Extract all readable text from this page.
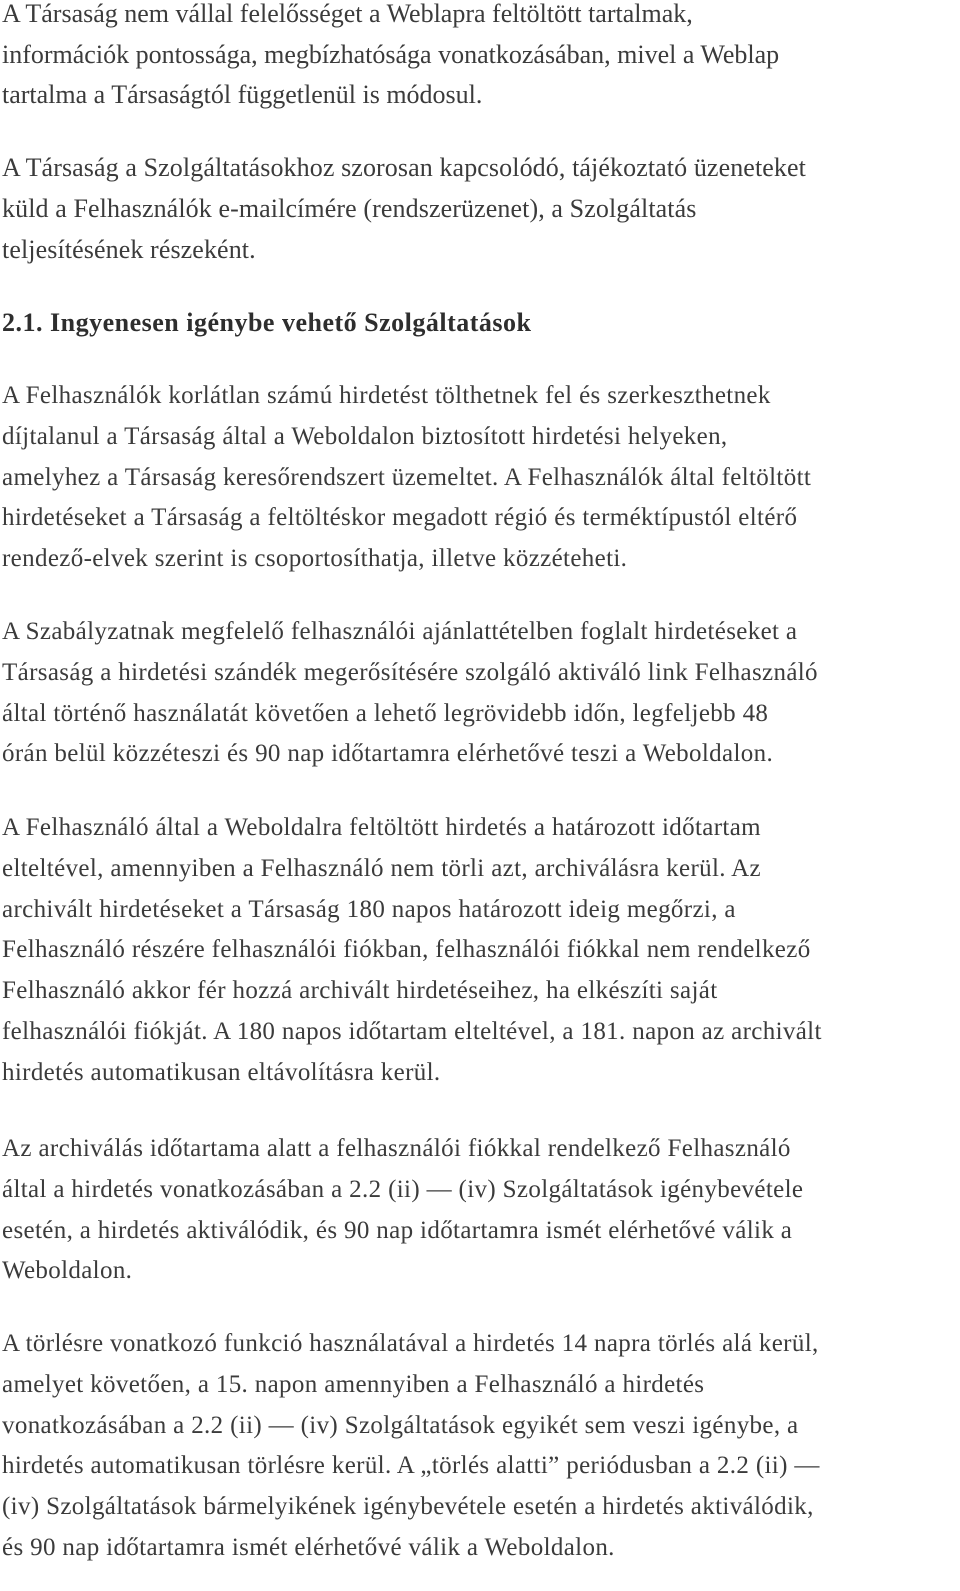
A Társaság nem vállal felelősséget a Weblapra feltöltött tartalmak,
információk pontossága, megbízhatósága vonatkozásában, mivel a Weblap
tartalma a Társaságtól függetlenül is módosul.

A Társaság a Szolgáltatásokhoz szorosan kapcsolódó, tájékoztató üzeneteket
küld a Felhasználók e-mailcímére (rendszerüzenet), a Szolgáltatás
teljesítésének részeként.

2.1. Ingyenesen igénybe vehető Szolgáltatások

A Felhasználók korlátlan számú hirdetést tölthetnek fel és szerkeszthetnek
díjtalanul a Társaság által a Weboldalon biztosított hirdetési helyeken,
amelyhez a Társaság keresőrendszert üzemeltet. A Felhasználók által feltöltött
hirdetéseket a Társaság a feltöltéskor megadott régió és terméktípustól eltérő
rendező-elvek szerint is csoportosíthatja, illetve közzéteheti.

A Szabályzatnak megfelelő felhasználói ajánlattételben foglalt hirdetéseket a
Társaság a hirdetési szándék megerősítésére szolgáló aktiváló link Felhasználó
által történő használatát követően a lehető legrövidebb időn, legfeljebb 48
órán belül közzéteszi és 90 nap időtartamra elérhetővé teszi a Weboldalon.

A Felhasználó által a Weboldalra feltöltött hirdetés a határozott időtartam
elteltével, amennyiben a Felhasználó nem törli azt, archiválásra kerül. Az
archivált hirdetéseket a Társaság 180 napos határozott ideig megőrzi, a
Felhasználó részére felhasználói fiókban, felhasználói fiókkal nem rendelkező
Felhasználó akkor fér hozzá archivált hirdetéseihez, ha elkészíti saját
felhasználói fiókját. A 180 napos időtartam elteltével, a 181. napon az archivált
hirdetés automatikusan eltávolításra kerül.

Az archiválás időtartama alatt a felhasználói fiókkal rendelkező Felhasználó
által a hirdetés vonatkozásában a 2.2 (ii) — (iv) Szolgáltatások igénybevétele
esetén, a hirdetés aktiválódik, és 90 nap időtartamra ismét elérhetővé válik a
Weboldalon.

A törlésre vonatkozó funkció használatával a hirdetés 14 napra törlés alá kerül,
amelyet követően, a 15. napon amennyiben a Felhasználó a hirdetés
vonatkozásában a 2.2 (ii) — (iv) Szolgáltatások egyikét sem veszi igénybe, a
hirdetés automatikusan törlésre kerül. A „törlés alatti” periódusban a 2.2 (ii) —
(iv) Szolgáltatások bármelyikének igénybevétele esetén a hirdetés aktiválódik,
és 90 nap időtartamra ismét elérhetővé válik a Weboldalon.
